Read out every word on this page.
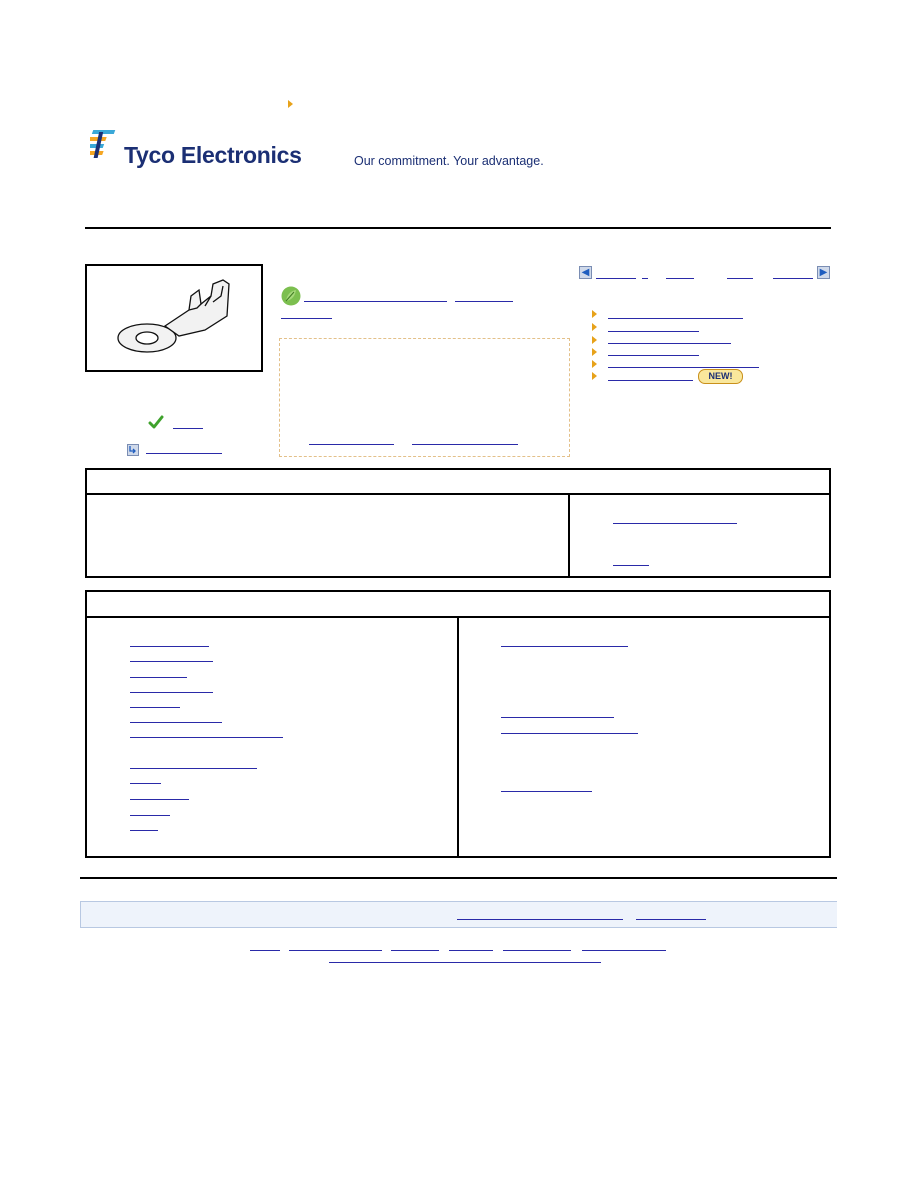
Tyco Electronics	Our commitment. Your advantage.
◀	▶
NEW!
